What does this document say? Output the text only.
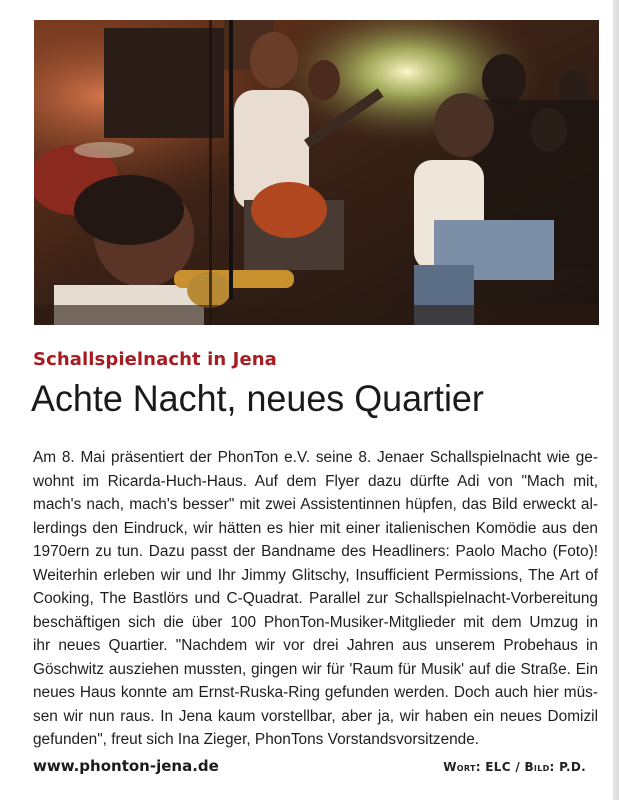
Schallspielnacht in Jena
Achte Nacht, neues Quartier
Am 8. Mai präsentiert der PhonTon e.V. seine 8. Jenaer Schallspielnacht wie ge-
wohnt im Ricarda-Huch-Haus. Auf dem Flyer dazu dürfte Adi von "Mach mit,
mach's nach, mach's besser" mit zwei Assistentinnen hüpfen, das Bild erweckt al-
lerdings den Eindruck, wir hätten es hier mit einer italienischen Komödie aus den
1970ern zu tun. Dazu passt der Bandname des Headliners: Paolo Macho (Foto)!
Weiterhin erleben wir und Ihr Jimmy Glitschy, Insufficient Permissions, The Art of
Cooking, The Bastlörs und C-Quadrat. Parallel zur Schallspielnacht-Vorbereitung
beschäftigen sich die über 100 PhonTon-Musiker-Mitglieder mit dem Umzug in
ihr neues Quartier. "Nachdem wir vor drei Jahren aus unserem Probehaus in
Göschwitz ausziehen mussten, gingen wir für 'Raum für Musik' auf die Straße. Ein
neues Haus konnte am Ernst-Ruska-Ring gefunden werden. Doch auch hier müs-
sen wir nun raus. In Jena kaum vorstellbar, aber ja, wir haben ein neues Domizil
gefunden", freut sich Ina Zieger, PhonTons Vorstandsvorsitzende.
www.phonton-jena.de	Wort: ELC / Bild: P.D.
